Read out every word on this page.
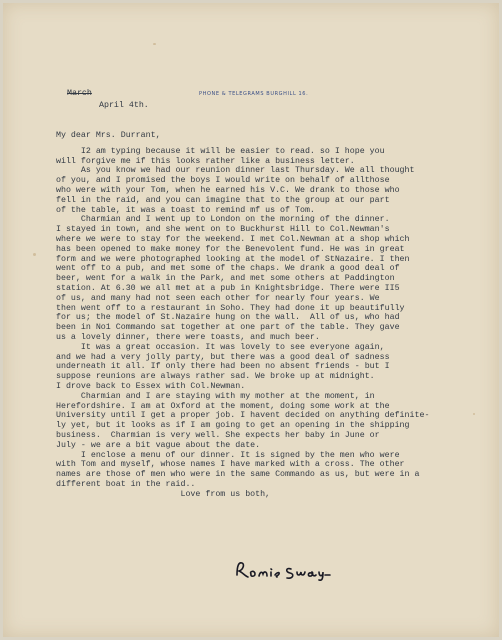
PHONE & TELEGRAMS BURGHILL 16.

March

April 4th.

My dear Mrs. Durrant,
I2 am typing because it will be easier to read. so I hope you
will forgive me if this looks rather like a business letter.
As you know we had our reunion dinner last Thursday. We all thought
of you, and I promised the boys I would write on behalf of allthose
who were with your Tom, when he earned his V.C. We drank to those who
fell in the raid, and you can imagine that to the group at our part
of the table, it was a toast to remind mf us of Tom.
Charmian and I went up to London on the morning of the dinner.
I stayed in town, and she went on to Buckhurst Hill to Col.Newman's
where we were to stay for the weekend. I met Col.Newman at a shop which
has been opened to make money for the Benevolent fund. He was in great
form and we were photographed looking at the model of StNazaire. I then
went off to a pub, and met some of the chaps. We drank a good deal of
beer, went for a walk in the Park, and met some others at Paddington
station. At 6.30 we all met at a pub in Knightsbridge. There were II5
of us, and many had not seen each other for nearly four years. We
then went off to a restaurant in Soho. They had done it up beautifully
for us; the model of St.Nazaire hung on the wall.  All of us, who had
been in No1 Commando sat together at one part of the table. They gave
us a lovely dinner, there were toasts, and much beer.
It was a great occasion. It was lovely to see everyone again,
and we had a very jolly party, but there was a good deal of sadness
underneath it all. If only there had been no absent friends - but I
suppose reunions are always rather sad. We broke up at midnight.
I drove back to Essex with Col.Newman.
Charmian and I are staying with my mother at the moment, in
Herefordshire. I am at Oxford at the moment, doing some work at the
University until I get a proper job. I havent decided on anything definite-
ly yet, but it looks as if I am going to get an opening in the shipping
business.  Charmian is very well. She expects her baby in June or
July - we are a bit vague about the date.
I enclose a menu of our dinner. It is signed by the men who were
with Tom and myself, whose names I have marked with a cross. The other
names are those of men who were in the same Commando as us, but were in a
different boat in the raid..
Love from us both,
